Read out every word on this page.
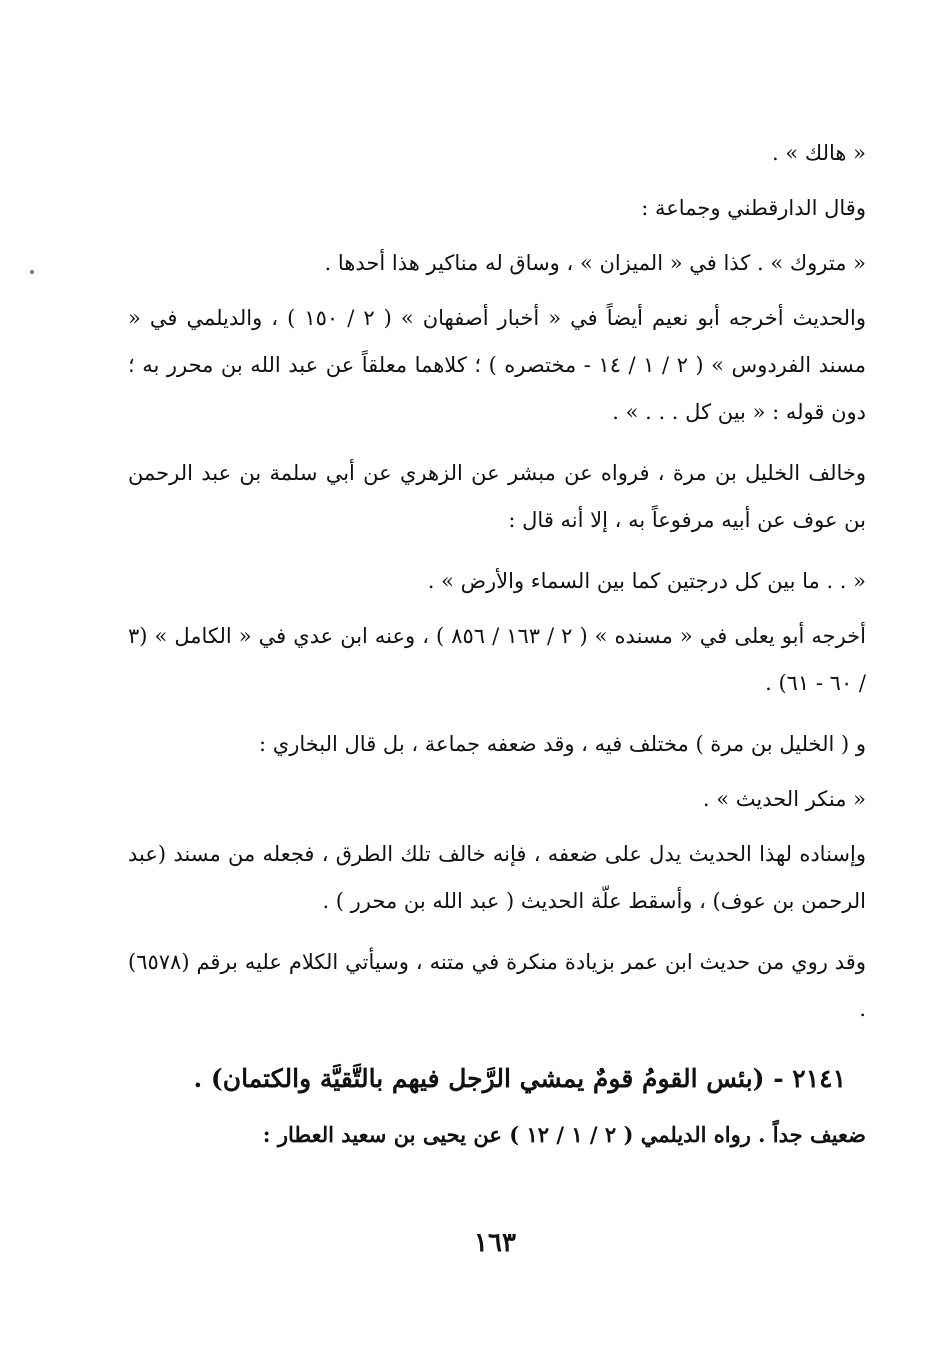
« هالك » .

وقال الدارقطني وجماعة :

« متروك » . كذا في « الميزان » ، وساق له مناكير هذا أحدها .

والحديث أخرجه أبو نعيم أيضاً في « أخبار أصفهان » ( ٢ / ١٥٠ ) ، والديلمي في « مسند الفردوس » ( ٢ / ١ / ١٤ - مختصره ) ؛ كلاهما معلقاً عن عبد الله بن محرر به ؛ دون قوله : « بين كل . . . » .

وخالف الخليل بن مرة ، فرواه عن مبشر عن الزهري عن أبي سلمة بن عبد الرحمن بن عوف عن أبيه مرفوعاً به ، إلا أنه قال :

« . . ما بين كل درجتين كما بين السماء والأرض » .

أخرجه أبو يعلى في « مسنده » ( ٢ / ١٦٣ / ٨٥٦ ) ، وعنه ابن عدي في « الكامل » (٣ / ٦٠ - ٦١) .

و ( الخليل بن مرة ) مختلف فيه ، وقد ضعفه جماعة ، بل قال البخاري :

« منكر الحديث » .

وإسناده لهذا الحديث يدل على ضعفه ، فإنه خالف تلك الطرق ، فجعله من مسند (عبد الرحمن بن عوف) ، وأسقط علّة الحديث ( عبد الله بن محرر ) .

وقد روي من حديث ابن عمر بزيادة منكرة في متنه ، وسيأتي الكلام عليه برقم (٦٥٧٨) .

٢١٤١ - (بئس القومُ قومٌ يمشي الرَّجل فيهم بالتَّقيَّة والكتمان) .

ضعيف جداً . رواه الديلمي ( ٢ / ١ / ١٢ ) عن يحيى بن سعيد العطار :

١٦٣
